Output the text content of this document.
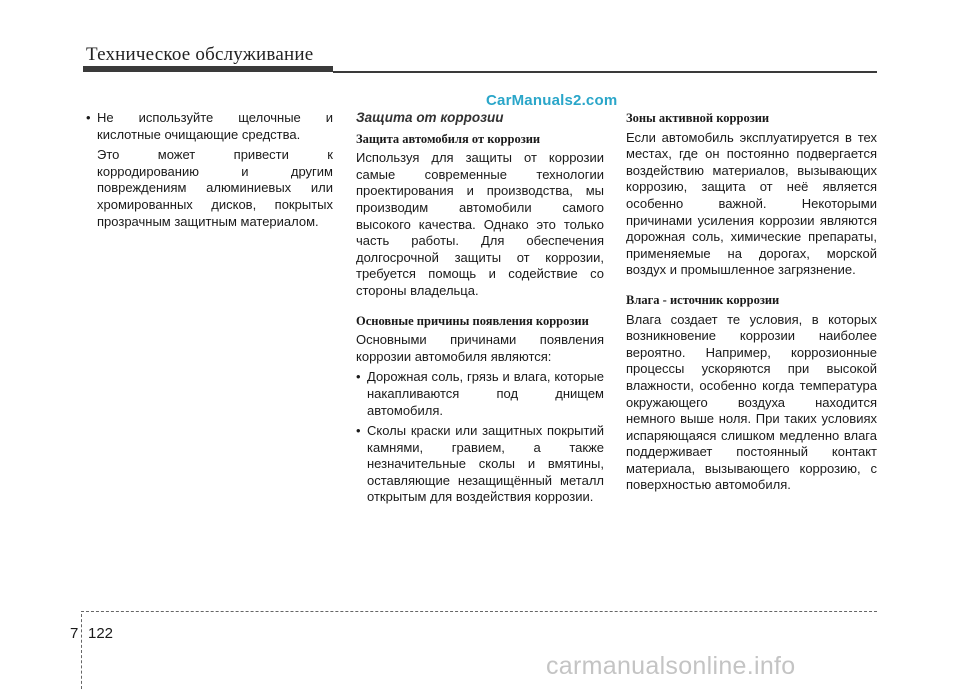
Техническое обслуживание
CarManuals2.com

• Не используйте щелочные и кислотные очищающие средства.

Это может привести к корродированию и другим повреждениям алюминиевых или хромированных дисков, покрытых прозрачным защитным материалом.

Защита от коррозии

Защита автомобиля от коррозии

Используя для защиты от коррозии самые современные технологии проектирования и производства, мы производим автомобили самого высокого качества. Однако это только часть работы. Для обеспечения долгосрочной защиты от коррозии, требуется помощь и содействие со стороны владельца.

Основные причины появления коррозии

Основными причинами появления коррозии автомобиля являются:

• Дорожная соль, грязь и влага, которые накапливаются под днищем автомобиля.

• Сколы краски или защитных покрытий камнями, гравием, а также незначительные сколы и вмятины, оставляющие незащищённый металл открытым для воздействия коррозии.

Зоны активной коррозии

Если автомобиль эксплуатируется в тех местах, где он постоянно подвергается воздействию материалов, вызывающих коррозию, защита от неё является особенно важной. Некоторыми причинами усиления коррозии являются дорожная соль, химические препараты, применяемые на дорогах, морской воздух и промышленное загрязнение.

Влага - источник коррозии

Влага создает те условия, в которых возникновение коррозии наиболее вероятно. Например, коррозионные процессы ускоряются при высокой влажности, особенно когда температура окружающего воздуха находится немного выше ноля. При таких условиях испаряющаяся слишком медленно влага поддерживает постоянный контакт материала, вызывающего коррозию, с поверхностью автомобиля.

7 122
carmanualsonline.info
